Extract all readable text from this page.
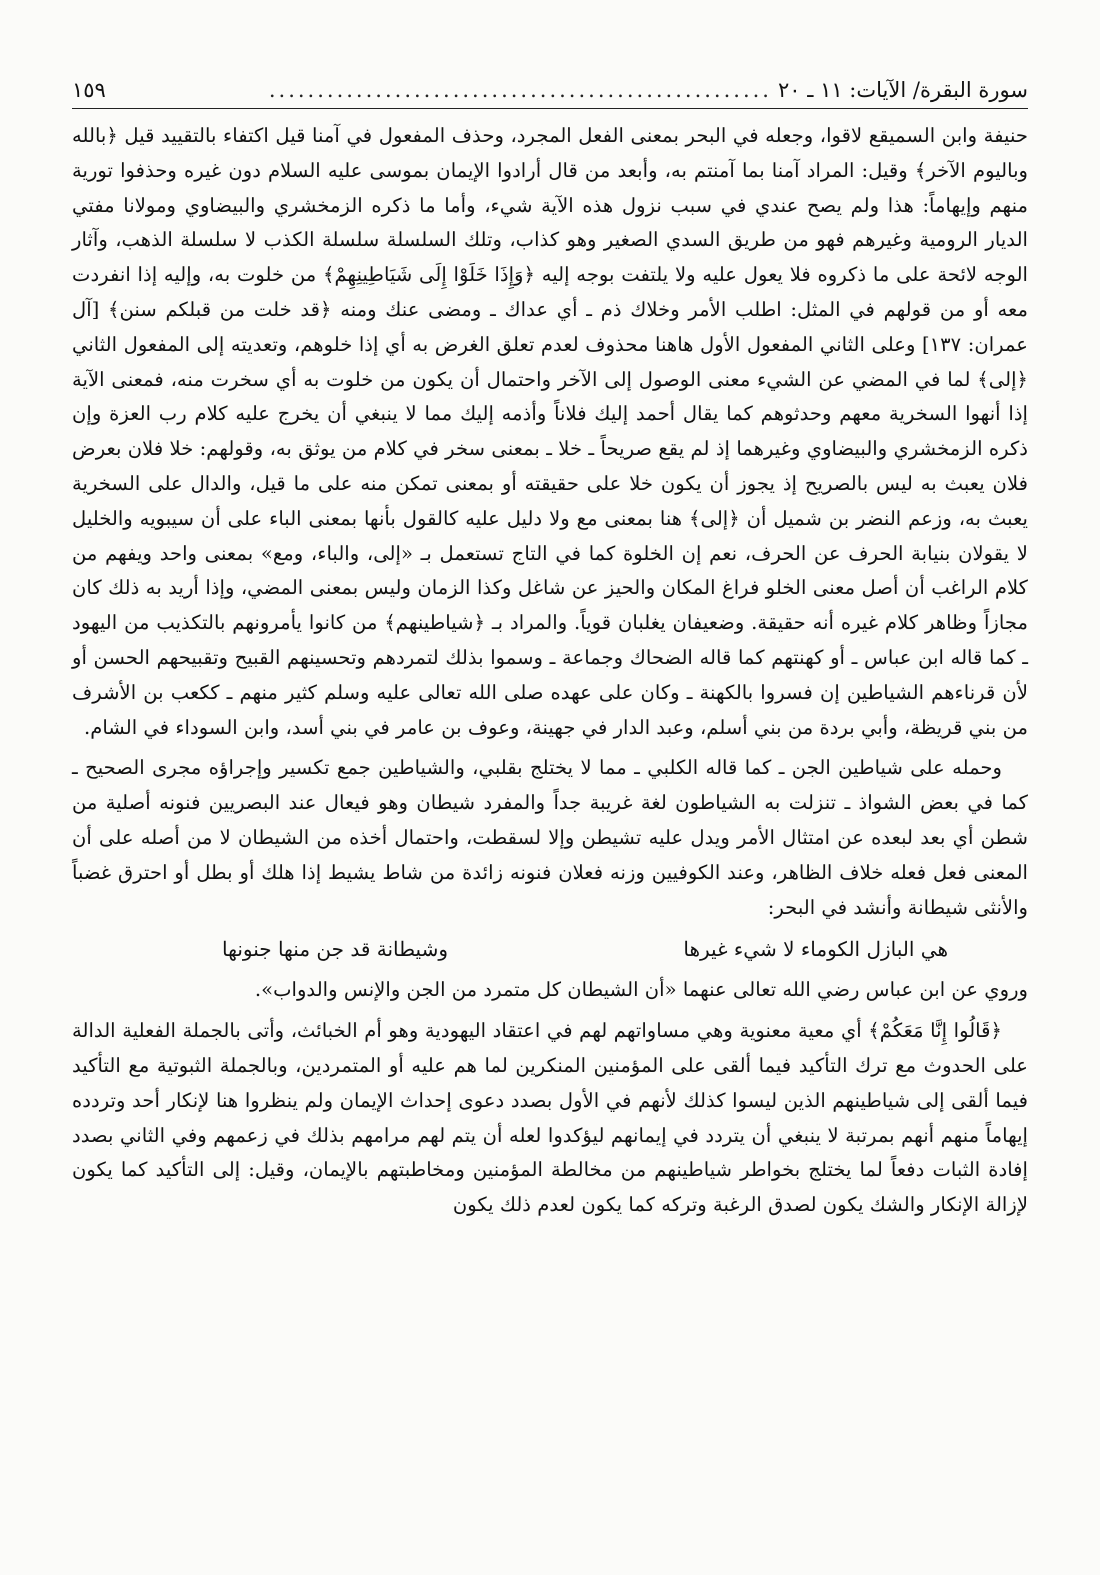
سورة البقرة/ الآيات: ١١ ـ ٢٠
....................................................
١٥٩

حنيفة وابن السميقع لاقوا، وجعله في البحر بمعنى الفعل المجرد، وحذف المفعول في آمنا قيل اكتفاء بالتقييد قيل ﴿بالله وباليوم الآخر﴾ وقيل: المراد آمنا بما آمنتم به، وأبعد من قال أرادوا الإيمان بموسى عليه السلام دون غيره وحذفوا تورية منهم وإيهاماً: هذا ولم يصح عندي في سبب نزول هذه الآية شيء، وأما ما ذكره الزمخشري والبيضاوي ومولانا مفتي الديار الرومية وغيرهم فهو من طريق السدي الصغير وهو كذاب، وتلك السلسلة سلسلة الكذب لا سلسلة الذهب، وآثار الوجه لائحة على ما ذكروه فلا يعول عليه ولا يلتفت بوجه إليه ﴿وَإِذَا خَلَوْا إِلَى شَيَاطِينِهِمْ﴾ من خلوت به، وإليه إذا انفردت معه أو من قولهم في المثل: اطلب الأمر وخلاك ذم ـ أي عداك ـ ومضى عنك ومنه ﴿قد خلت من قبلكم سنن﴾ [آل عمران: ١٣٧] وعلى الثاني المفعول الأول هاهنا محذوف لعدم تعلق الغرض به أي إذا خلوهم، وتعديته إلى المفعول الثاني ﴿إلى﴾ لما في المضي عن الشيء معنى الوصول إلى الآخر واحتمال أن يكون من خلوت به أي سخرت منه، فمعنى الآية إذا أنهوا السخرية معهم وحدثوهم كما يقال أحمد إليك فلاناً وأذمه إليك مما لا ينبغي أن يخرج عليه كلام رب العزة وإن ذكره الزمخشري والبيضاوي وغيرهما إذ لم يقع صريحاً ـ خلا ـ بمعنى سخر في كلام من يوثق به، وقولهم: خلا فلان بعرض فلان يعبث به ليس بالصريح إذ يجوز أن يكون خلا على حقيقته أو بمعنى تمكن منه على ما قيل، والدال على السخرية يعبث به، وزعم النضر بن شميل أن ﴿إلى﴾ هنا بمعنى مع ولا دليل عليه كالقول بأنها بمعنى الباء على أن سيبويه والخليل لا يقولان بنيابة الحرف عن الحرف، نعم إن الخلوة كما في التاج تستعمل بـ «إلى، والباء، ومع» بمعنى واحد ويفهم من كلام الراغب أن أصل معنى الخلو فراغ المكان والحيز عن شاغل وكذا الزمان وليس بمعنى المضي، وإذا أريد به ذلك كان مجازاً وظاهر كلام غيره أنه حقيقة. وضعيفان يغلبان قوياً. والمراد بـ ﴿شياطينهم﴾ من كانوا يأمرونهم بالتكذيب من اليهود ـ كما قاله ابن عباس ـ أو كهنتهم كما قاله الضحاك وجماعة ـ وسموا بذلك لتمردهم وتحسينهم القبيح وتقبيحهم الحسن أو لأن قرناءهم الشياطين إن فسروا بالكهنة ـ وكان على عهده صلى الله تعالى عليه وسلم كثير منهم ـ ككعب بن الأشرف من بني قريظة، وأبي بردة من بني أسلم، وعبد الدار في جهينة، وعوف بن عامر في بني أسد، وابن السوداء في الشام.

وحمله على شياطين الجن ـ كما قاله الكلبي ـ مما لا يختلج بقلبي، والشياطين جمع تكسير وإجراؤه مجرى الصحيح ـ كما في بعض الشواذ ـ تنزلت به الشياطون لغة غريبة جداً والمفرد شيطان وهو فيعال عند البصريين فنونه أصلية من شطن أي بعد لبعده عن امتثال الأمر ويدل عليه تشيطن وإلا لسقطت، واحتمال أخذه من الشيطان لا من أصله على أن المعنى فعل فعله خلاف الظاهر، وعند الكوفيين وزنه فعلان فنونه زائدة من شاط يشيط إذا هلك أو بطل أو احترق غضباً والأنثى شيطانة وأنشد في البحر:

هي البازل الكوماء لا شيء غيرها
وشيطانة قد جن منها جنونها

وروي عن ابن عباس رضي الله تعالى عنهما «أن الشيطان كل متمرد من الجن والإنس والدواب».

﴿قَالُوا إِنَّا مَعَكُمْ﴾ أي معية معنوية وهي مساواتهم لهم في اعتقاد اليهودية وهو أم الخبائث، وأتى بالجملة الفعلية الدالة على الحدوث مع ترك التأكيد فيما ألقى على المؤمنين المنكرين لما هم عليه أو المتمردين، وبالجملة الثبوتية مع التأكيد فيما ألقى إلى شياطينهم الذين ليسوا كذلك لأنهم في الأول بصدد دعوى إحداث الإيمان ولم ينظروا هنا لإنكار أحد وتردده إيهاماً منهم أنهم بمرتبة لا ينبغي أن يتردد في إيمانهم ليؤكدوا لعله أن يتم لهم مرامهم بذلك في زعمهم وفي الثاني بصدد إفادة الثبات دفعاً لما يختلج بخواطر شياطينهم من مخالطة المؤمنين ومخاطبتهم بالإيمان، وقيل: إلى التأكيد كما يكون لإزالة الإنكار والشك يكون لصدق الرغبة وتركه كما يكون لعدم ذلك يكون
